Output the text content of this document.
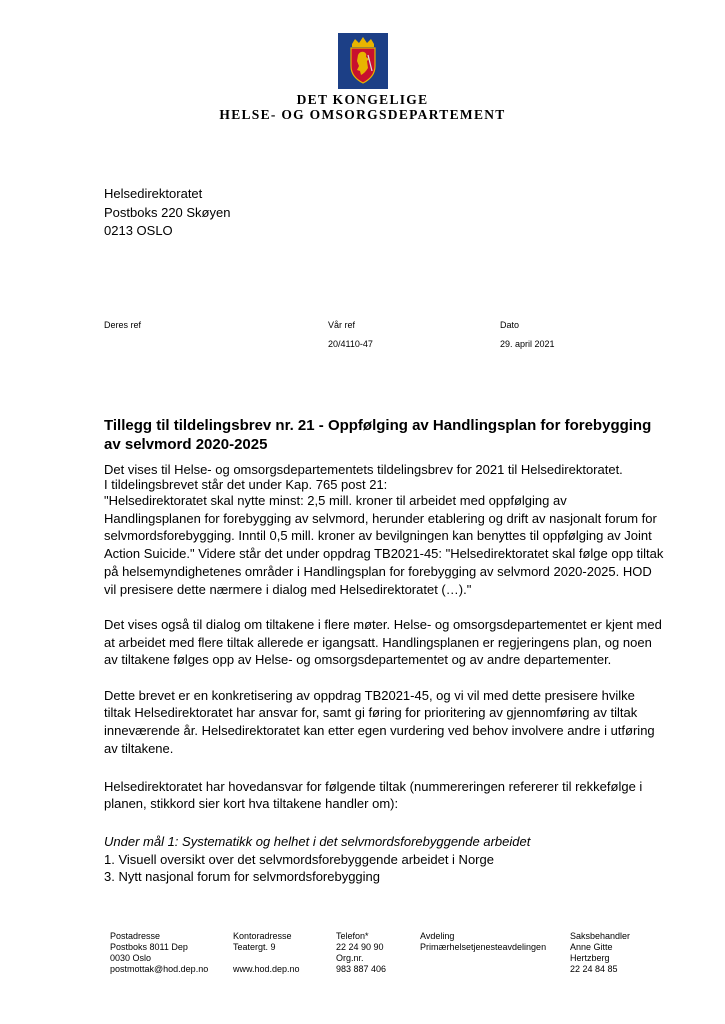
DET KONGELIGE
HELSE- OG OMSORGSDEPARTEMENT
Helsedirektoratet
Postboks 220 Skøyen
0213 OSLO
Deres ref	Vår ref
20/4110-47
Dato
29. april 2021
Tillegg til tildelingsbrev nr. 21 - Oppfølging av Handlingsplan for forebygging av selvmord 2020-2025

Det vises til Helse- og omsorgsdepartementets tildelingsbrev for 2021 til Helsedirektoratet.

I tildelingsbrevet står det under Kap. 765 post 21:

"Helsedirektoratet skal nytte minst: 2,5 mill. kroner til arbeidet med oppfølging av Handlingsplanen for forebygging av selvmord, herunder etablering og drift av nasjonalt forum for selvmordsforebygging. Inntil 0,5 mill. kroner av bevilgningen kan benyttes til oppfølging av Joint Action Suicide." Videre står det under oppdrag TB2021-45: "Helsedirektoratet skal følge opp tiltak på helsemyndighetenes områder i Handlingsplan for forebygging av selvmord 2020-2025. HOD vil presisere dette nærmere i dialog med Helsedirektoratet (…)."

Det vises også til dialog om tiltakene i flere møter. Helse- og omsorgsdepartementet er kjent med at arbeidet med flere tiltak allerede er igangsatt. Handlingsplanen er regjeringens plan, og noen av tiltakene følges opp av Helse- og omsorgsdepartementet og av andre departementer.

Dette brevet er en konkretisering av oppdrag TB2021-45, og vi vil med dette presisere hvilke tiltak Helsedirektoratet har ansvar for, samt gi føring for prioritering av gjennomføring av tiltak inneværende år. Helsedirektoratet kan etter egen vurdering ved behov involvere andre i utføring av tiltakene.

Helsedirektoratet har hovedansvar for følgende tiltak (nummereringen refererer til rekkefølge i planen, stikkord sier kort hva tiltakene handler om):

Under mål 1: Systematikk og helhet i det selvmordsforebyggende arbeidet

1. Visuell oversikt over det selvmordsforebyggende arbeidet i Norge

3. Nytt nasjonal forum for selvmordsforebygging

Postadresse
Postboks 8011 Dep
0030 Oslo
postmottak@hod.dep.no
Kontoradresse
Teatergt. 9

www.hod.dep.no
Telefon*
22 24 90 90
Org.nr.
983 887 406
Avdeling
Primærhelsetjenesteavdelingen
Saksbehandler
Anne Gitte
Hertzberg
22 24 84 85
